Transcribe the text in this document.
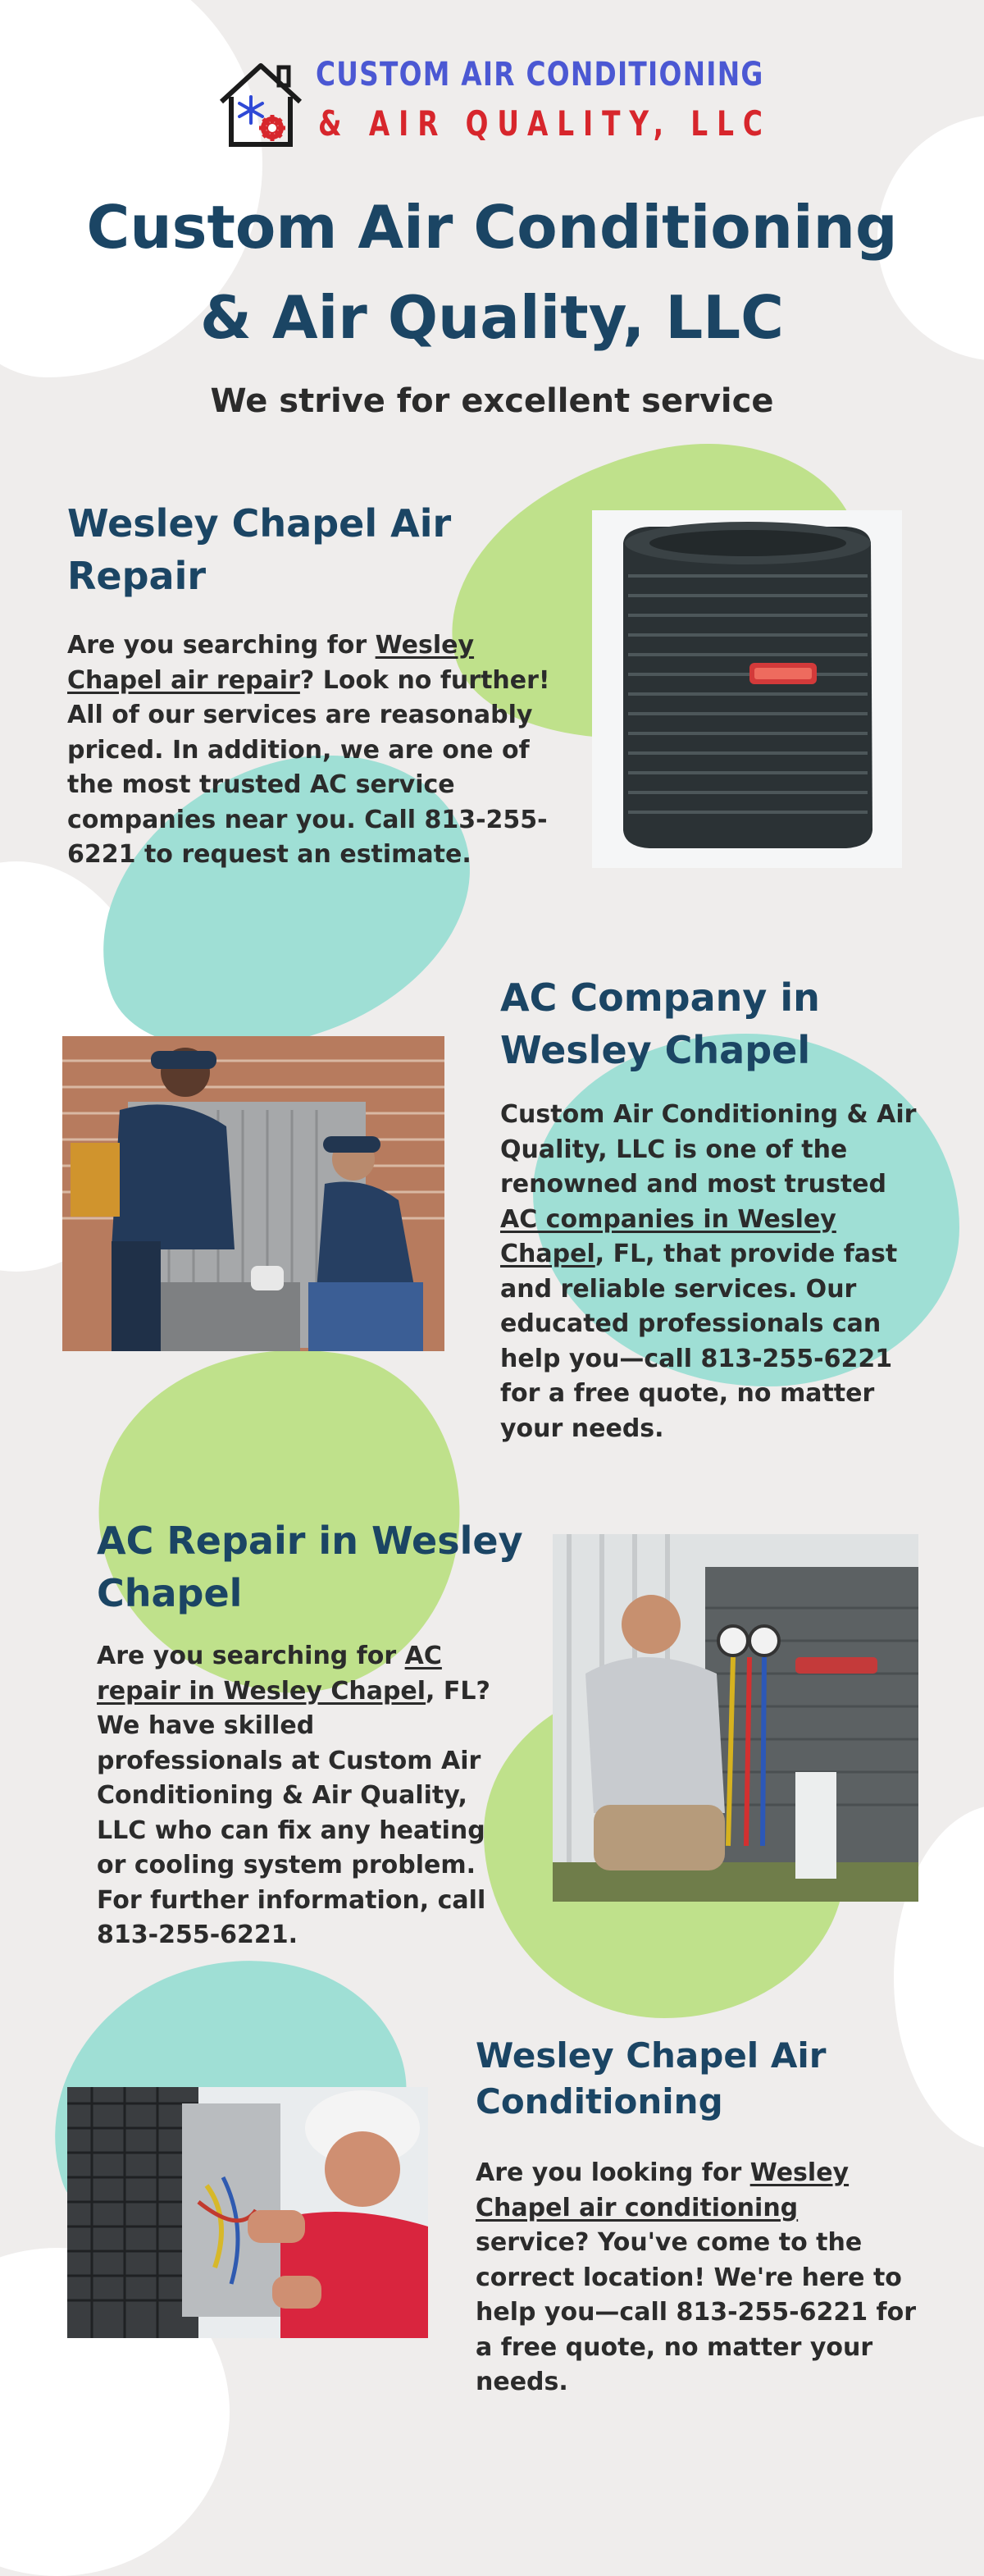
CUSTOM AIR CONDITIONING
& AIR QUALITY, LLC
Custom Air Conditioning
& Air Quality, LLC
We strive for excellent service
Wesley Chapel Air
Repair
Are you searching for Wesley Chapel air repair? Look no further! All of our services are reasonably priced. In addition, we are one of the most trusted AC service companies near you. Call 813-255-6221 to request an estimate.
AC Company in
Wesley Chapel
Custom Air Conditioning & Air Quality, LLC is one of the renowned and most trusted AC companies in Wesley Chapel, FL, that provide fast and reliable services. Our educated professionals can help you—call 813-255-6221 for a free quote, no matter your needs.
AC Repair in Wesley
Chapel
Are you searching for AC repair in Wesley Chapel, FL? We have skilled professionals at Custom Air Conditioning & Air Quality, LLC who can fix any heating or cooling system problem. For further information, call 813-255-6221.
Wesley Chapel Air
Conditioning
Are you looking for Wesley Chapel air conditioning service? You've come to the correct location! We're here to help you—call 813-255-6221 for a free quote, no matter your needs.
